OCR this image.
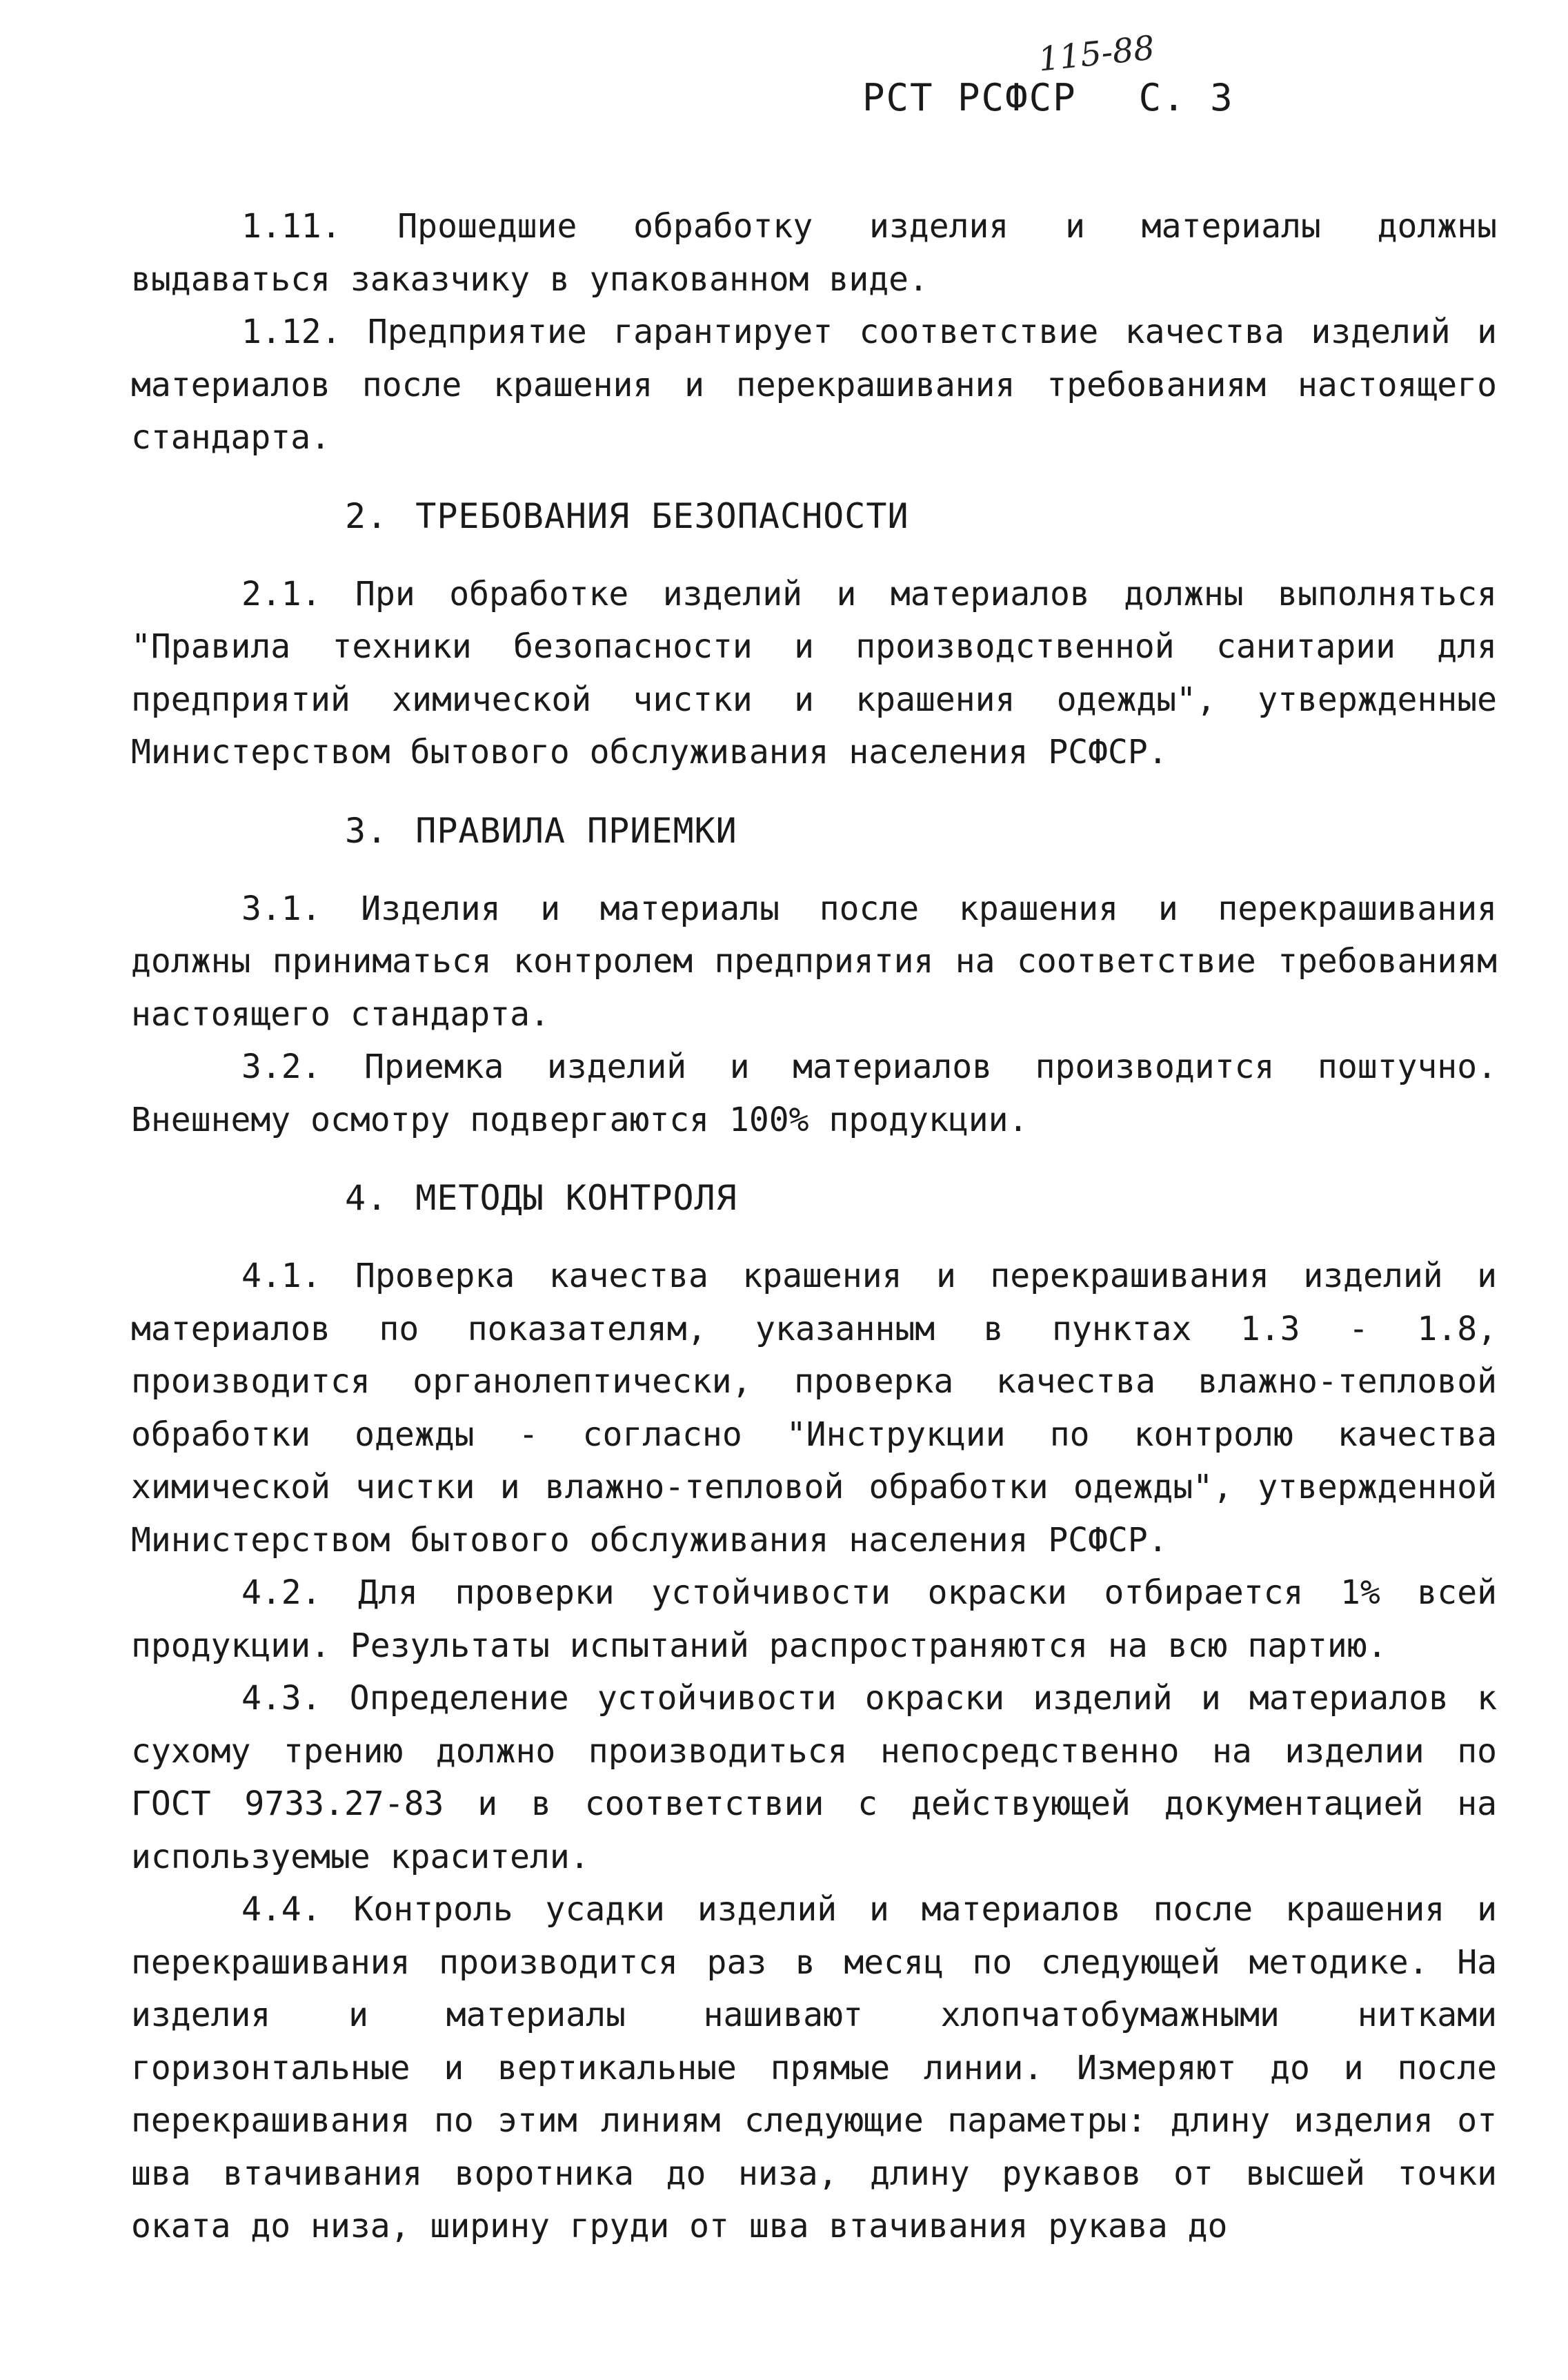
115-88
РСТ РСФСР С. 3

1.11. Прошедшие обработку изделия и материалы должны выдаваться заказчику в упакованном виде.

1.12. Предприятие гарантирует соответствие качества изделий и материалов после крашения и перекрашивания требованиям настоящего стандарта.

2. ТРЕБОВАНИЯ БЕЗОПАСНОСТИ

2.1. При обработке изделий и материалов должны выполняться "Правила техники безопасности и производственной санитарии для предприятий химической чистки и крашения одежды", утвержденные Министерством бытового обслуживания населения РСФСР.

3. ПРАВИЛА ПРИЕМКИ

3.1. Изделия и материалы после крашения и перекрашивания должны приниматься контролем предприятия на соответствие требованиям настоящего стандарта.

3.2. Приемка изделий и материалов производится поштучно. Внешнему осмотру подвергаются 100% продукции.

4. МЕТОДЫ КОНТРОЛЯ

4.1. Проверка качества крашения и перекрашивания изделий и материалов по показателям, указанным в пунктах 1.3 - 1.8, производится органолептически, проверка качества влажно-тепловой обработки одежды - согласно "Инструкции по контролю качества химической чистки и влажно-тепловой обработки одежды", утвержденной Министерством бытового обслуживания населения РСФСР.

4.2. Для проверки устойчивости окраски отбирается 1% всей продукции. Результаты испытаний распространяются на всю партию.

4.3. Определение устойчивости окраски изделий и материалов к сухому трению должно производиться непосредственно на изделии по ГОСТ 9733.27-83 и в соответствии с действующей документацией на используемые красители.

4.4. Контроль усадки изделий и материалов после крашения и перекрашивания производится раз в месяц по следующей методике. На изделия и материалы нашивают хлопчатобумажными нитками горизонтальные и вертикальные прямые линии. Измеряют до и после перекрашивания по этим линиям следующие параметры: длину изделия от шва втачивания воротника до низа, длину рукавов от высшей точки оката до низа, ширину груди от шва втачивания рукава до
